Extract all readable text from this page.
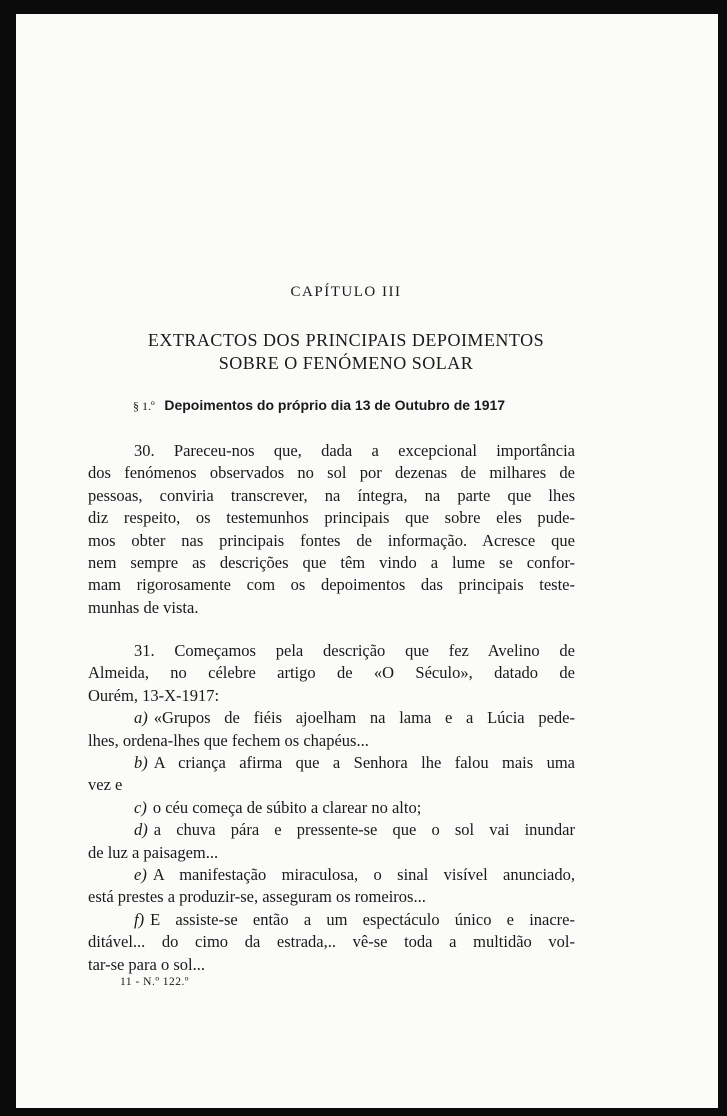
CAPÍTULO III
EXTRACTOS DOS PRINCIPAIS DEPOIMENTOS
SOBRE O FENÓMENO SOLAR
§ 1.º Depoimentos do próprio dia 13 de Outubro de 1917

30. Pareceu-nos que, dada a excepcional importância

dos fenómenos observados no sol por dezenas de milhares de

pessoas, conviria transcrever, na íntegra, na parte que lhes

diz respeito, os testemunhos principais que sobre eles pude-

mos obter nas principais fontes de informação. Acresce que

nem sempre as descrições que têm vindo a lume se confor-

mam rigorosamente com os depoimentos das principais teste-

munhas de vista.

31. Começamos pela descrição que fez Avelino de

Almeida, no célebre artigo de «O Século», datado de

Ourém, 13-X-1917:

a) «Grupos de fiéis ajoelham na lama e a Lúcia pede-

lhes, ordena-lhes que fechem os chapéus...

b) A criança afirma que a Senhora lhe falou mais uma

vez e

c) o céu começa de súbito a clarear no alto;

d) a chuva pára e pressente-se que o sol vai inundar

de luz a paisagem...

e) A manifestação miraculosa, o sinal visível anunciado,

está prestes a produzir-se, asseguram os romeiros...

f) E assiste-se então a um espectáculo único e inacre-

ditável... do cimo da estrada,.. vê-se toda a multidão vol-

tar-se para o sol...

11 - N.º 122.º
